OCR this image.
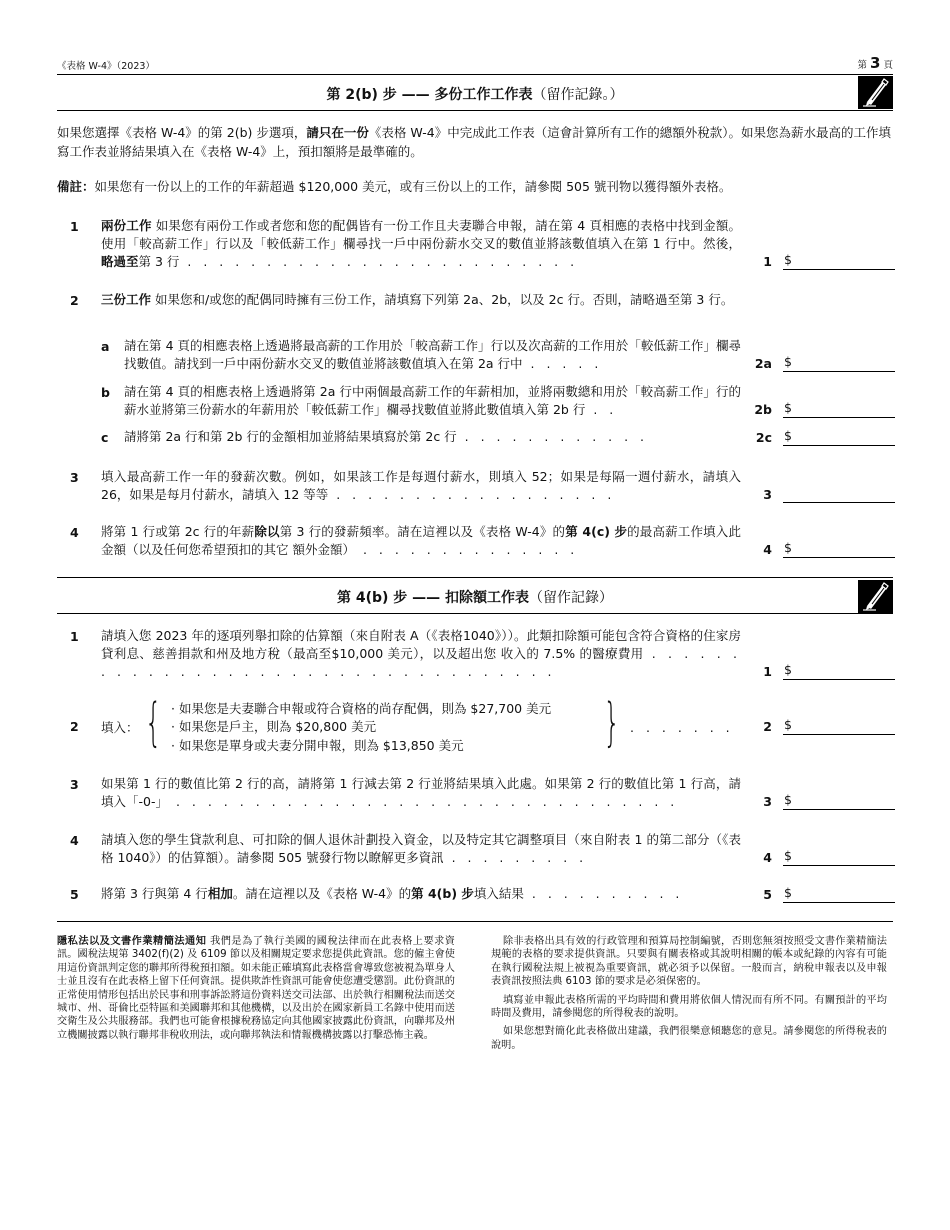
《表格 W-4》（2023）	第 3 頁
第 2(b) 步 —— 多份工作工作表（留作記錄。）
如果您選擇《表格 W-4》的第 2(b) 步選項，請只在一份《表格 W-4》中完成此工作表（這會計算所有工作的總額外稅款）。如果您為薪水最高的工作填寫工作表並將結果填入在《表格 W-4》上，預扣額將是最準確的。
備註：如果您有一份以上的工作的年薪超過 $120,000 美元，或有三份以上的工作，請參閱 505 號刊物以獲得額外表格。
1 兩份工作 如果您有兩份工作或者您和您的配偶皆有一份工作且夫妻聯合申報，請在第 4 頁相應的表格中找到金額。使用「較高薪工作」行以及「較低薪工作」欄尋找一戶中兩份薪水交叉的數值並將該數值填入在第 1 行中。然後，略過至第 3 行 . . . . . . . . . . . . . . . . . . . . . . . . .	1 $
2 三份工作 如果您和/或您的配偶同時擁有三份工作，請填寫下列第 2a、2b，以及 2c 行。否則，請略過至第 3 行。
a 請在第 4 頁的相應表格上透過將最高薪的工作用於「較高薪工作」行以及次高薪的工作用於「較低薪工作」欄尋找數值。請找到一戶中兩份薪水交叉的數值並將該數值填入在第 2a 行中 . . . . .	2a $
b 請在第 4 頁的相應表格上透過將第 2a 行中兩個最高薪工作的年薪相加，並將兩數總和用於「較高薪工作」行的薪水並將第三份薪水的年薪用於「較低薪工作」欄尋找數值並將此數值填入第 2b 行 . .	2b $
c 請將第 2a 行和第 2b 行的金額相加並將結果填寫於第 2c 行 . . . . . . . . . . . .	2c $
3 填入最高薪工作一年的發薪次數。例如，如果該工作是每週付薪水，則填入 52；如果是每隔一週付薪水，請填入 26，如果是每月付薪水，請填入 12 等等 . . . . . . . . . . . . . . . . . .	3
4 將第 1 行或第 2c 行的年薪除以第 3 行的發薪頻率。請在這裡以及《表格 W-4》的第 4(c) 步的最高薪工作填入此金額（以及任何您希望預扣的其它 額外金額） . . . . . . . . . . . . . .	4 $
第 4(b) 步 —— 扣除額工作表（留作記錄）
1 請填入您 2023 年的逐項列舉扣除的估算額（來自附表 A（《表格1040》））。此類扣除額可能包含符合資格的住家房貸利息、慈善捐款和州及地方稅（最高至$10,000 美元），以及超出您 收入的 7.5% 的醫療費用 . . . . . . . . . . . . . . . . . . . . . . . . . . . . . . . . . . .	1 $
2 填入： { · 如果您是夫妻聯合申報或符合資格的尚存配偶，則為 $27,700 美元
· 如果您是戶主，則為 $20,800 美元
· 如果您是單身或夫妻分開申報，則為 $13,850 美元	} . . . . . . .	2 $
3 如果第 1 行的數值比第 2 行的高，請將第 1 行減去第 2 行並將結果填入此處。如果第 2 行的數值比第 1 行高，請填入「-0-」 . . . . . . . . . . . . . . . . . . . . . . . . . . . . . . . .	3 $
4 請填入您的學生貸款利息、可扣除的個人退休計劃投入資金，以及特定其它調整項目（來自附表 1 的第二部分（《表格 1040》）的估算額）。請參閱 505 號發行物以瞭解更多資訊 . . . . . . . . .	4 $
5 將第 3 行與第 4 行相加。請在這裡以及《表格 W-4》的第 4(b) 步填入結果 . . . . . . . . . .	5 $
隱私法以及文書作業精簡法通知 我們是為了執行美國的國稅法律而在此表格上要求資訊。國稅法規第 3402(f)(2) 及 6109 節以及相關規定要求您提供此資訊。您的僱主會使用這份資訊判定您的聯邦所得稅預扣額。如未能正確填寫此表格當會導致您被視為單身人士並且沒有在此表格上留下任何資訊。提供欺詐性資訊可能會使您遭受懲罰。此份資訊的正常使用情形包括出於民事和刑事訴訟將這份資料送交司法部、出於執行相關稅法而送交城市、州、哥倫比亞特區和美國聯邦和其他機構，以及出於在國家新員工名錄中使用而送交衛生及公共服務部。我們也可能會根據稅務協定向其他國家披露此份資訊，向聯邦及州立機關披露以執行聯邦非稅收刑法，或向聯邦執法和情報機構披露以打擊恐怖主義。

除非表格出具有效的行政管理和預算局控制編號，否則您無須按照受文書作業精簡法規範的表格的要求提供資訊。只要與有關表格或其說明相關的帳本或紀錄的內容有可能在執行國稅法規上被視為重要資訊，就必須予以保留。一般而言，納稅申報表以及申報表資訊按照法典 6103 節的要求是必須保密的。

填寫並申報此表格所需的平均時間和費用將依個人情況而有所不同。有關預計的平均時間及費用，請參閱您的所得稅表的說明。

如果您想對簡化此表格做出建議，我們很樂意傾聽您的意見。請參閱您的所得稅表的說明。
